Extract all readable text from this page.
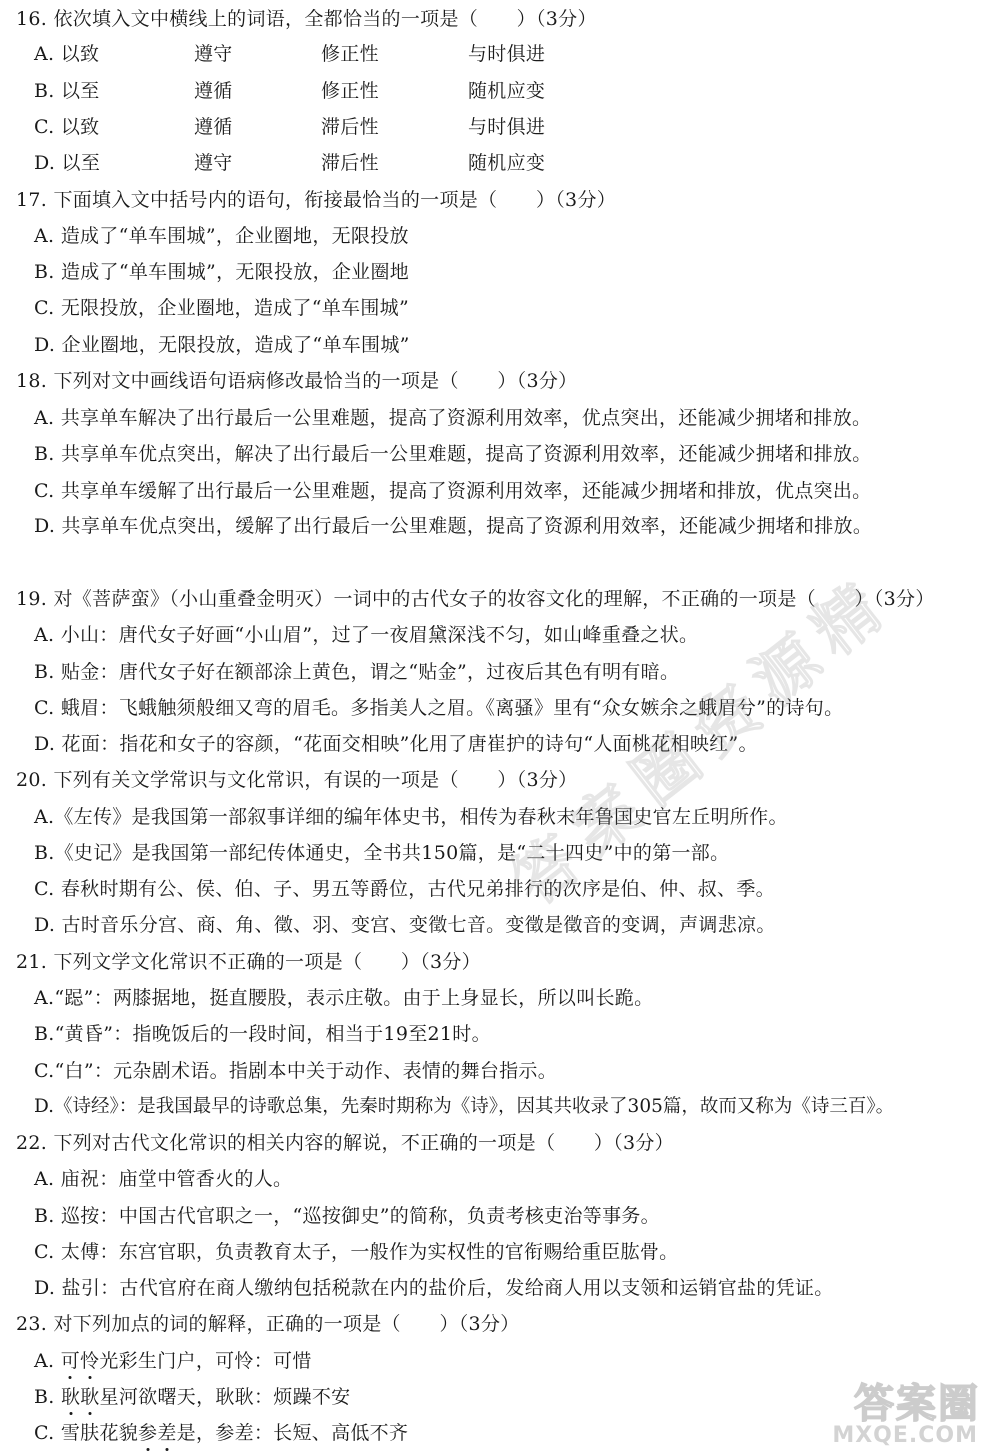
16. 依次填入文中横线上的词语，全都恰当的一项是（　　）（3分）
A. 以致	遵守	修正性	与时俱进
B. 以至	遵循	修正性	随机应变
C. 以致	遵循	滞后性	与时俱进
D. 以至	遵守	滞后性	随机应变
17. 下面填入文中括号内的语句，衔接最恰当的一项是（　　）（3分）
A. 造成了“单车围城”，企业圈地，无限投放
B. 造成了“单车围城”，无限投放，企业圈地
C. 无限投放，企业圈地，造成了“单车围城”
D. 企业圈地，无限投放，造成了“单车围城”
18. 下列对文中画线语句语病修改最恰当的一项是（　　）（3分）
A. 共享单车解决了出行最后一公里难题，提高了资源利用效率，优点突出，还能减少拥堵和排放。
B. 共享单车优点突出，解决了出行最后一公里难题，提高了资源利用效率，还能减少拥堵和排放。
C. 共享单车缓解了出行最后一公里难题，提高了资源利用效率，还能减少拥堵和排放，优点突出。
D. 共享单车优点突出，缓解了出行最后一公里难题，提高了资源利用效率，还能减少拥堵和排放。
19. 对《菩萨蛮》（小山重叠金明灭）一词中的古代女子的妆容文化的理解，不正确的一项是（　　）（3分）
A. 小山：唐代女子好画“小山眉”，过了一夜眉黛深浅不匀，如山峰重叠之状。
B. 贴金：唐代女子好在额部涂上黄色，谓之“贴金”，过夜后其色有明有暗。
C. 蛾眉：飞蛾触须般细又弯的眉毛。多指美人之眉。《离骚》里有“众女嫉余之蛾眉兮”的诗句。
D. 花面：指花和女子的容颜，“花面交相映”化用了唐崔护的诗句“人面桃花相映红”。
20. 下列有关文学常识与文化常识，有误的一项是（　　）（3分）
A.《左传》是我国第一部叙事详细的编年体史书，相传为春秋末年鲁国史官左丘明所作。
B.《史记》是我国第一部纪传体通史，全书共150篇，是“二十四史”中的第一部。
C. 春秋时期有公、侯、伯、子、男五等爵位，古代兄弟排行的次序是伯、仲、叔、季。
D. 古时音乐分宫、商、角、徵、羽、变宫、变徵七音。变徵是徵音的变调，声调悲凉。
21. 下列文学文化常识不正确的一项是（　　）（3分）
A.“跽”：两膝据地，挺直腰股，表示庄敬。由于上身显长，所以叫长跪。
B.“黄昏”：指晚饭后的一段时间，相当于19至21时。
C.“白”：元杂剧术语。指剧本中关于动作、表情的舞台指示。
D.《诗经》：是我国最早的诗歌总集，先秦时期称为《诗》，因其共收录了305篇，故而又称为《诗三百》。
22. 下列对古代文化常识的相关内容的解说，不正确的一项是（　　）（3分）
A. 庙祝：庙堂中管香火的人。
B. 巡按：中国古代官职之一，“巡按御史”的简称，负责考核吏治等事务。
C. 太傅：东宫官职，负责教育太子，一般作为实权性的官衔赐给重臣肱骨。
D. 盐引：古代官府在商人缴纳包括税款在内的盐价后，发给商人用以支领和运销官盐的凭证。
23. 对下列加点的词的解释，正确的一项是（　　）（3分）
A. 可怜光彩生门户，可怜：可惜
B. 耿耿星河欲曙天，耿耿：烦躁不安
C. 雪肤花貌参差是，参差：长短、高低不齐
答
案
圈
资
源
精
答案圈
MXQE.COM
